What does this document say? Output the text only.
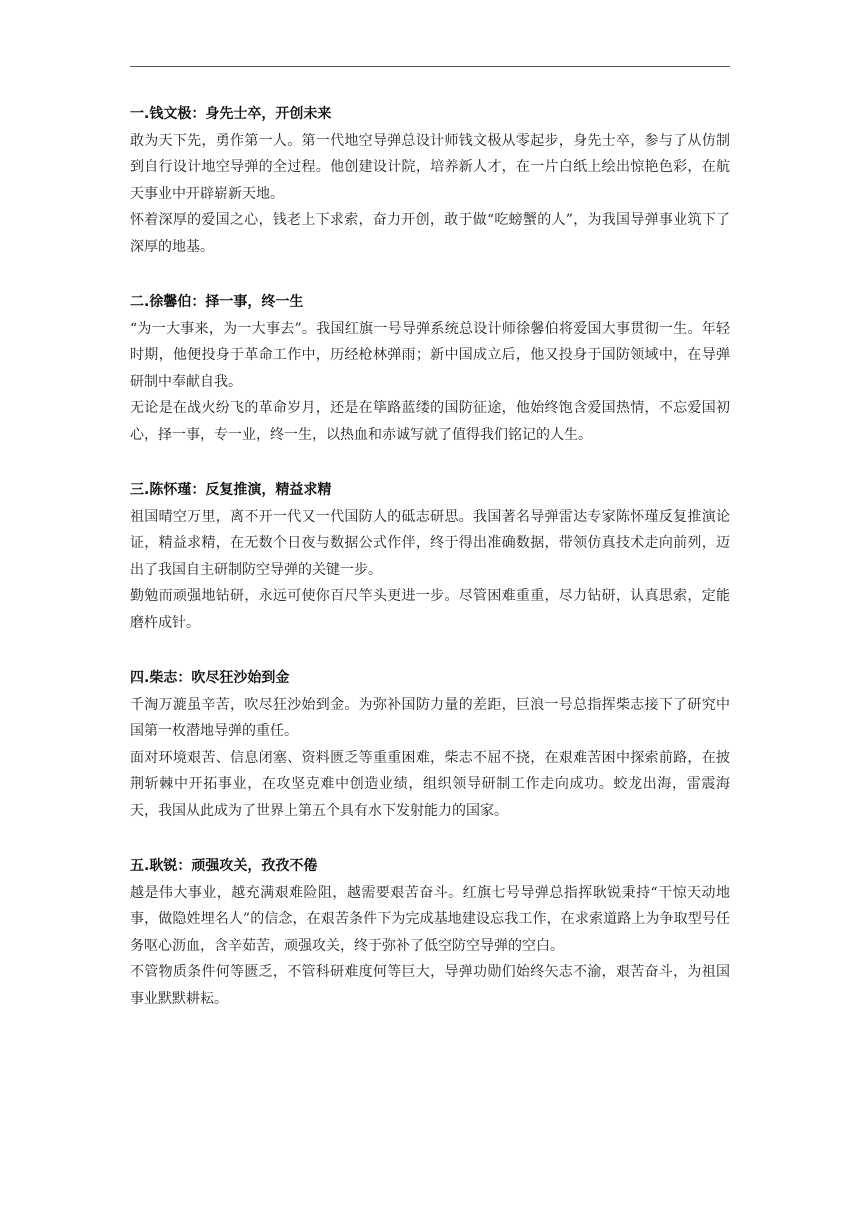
一.钱文极：身先士卒，开创未来

敢为天下先，勇作第一人。第一代地空导弹总设计师钱文极从零起步，身先士卒，参与了从仿制到自行设计地空导弹的全过程。他创建设计院，培养新人才，在一片白纸上绘出惊艳色彩，在航天事业中开辟崭新天地。

怀着深厚的爱国之心，钱老上下求索，奋力开创，敢于做“吃螃蟹的人”，为我国导弹事业筑下了深厚的地基。

二.徐馨伯：择一事，终一生

“为一大事来，为一大事去”。我国红旗一号导弹系统总设计师徐馨伯将爱国大事贯彻一生。年轻时期，他便投身于革命工作中，历经枪林弹雨；新中国成立后，他又投身于国防领域中，在导弹研制中奉献自我。

无论是在战火纷飞的革命岁月，还是在筚路蓝缕的国防征途，他始终饱含爱国热情，不忘爱国初心，择一事，专一业，终一生，以热血和赤诚写就了值得我们铭记的人生。

三.陈怀瑾：反复推演，精益求精

祖国晴空万里，离不开一代又一代国防人的砥志研思。我国著名导弹雷达专家陈怀瑾反复推演论证，精益求精，在无数个日夜与数据公式作伴，终于得出准确数据，带领仿真技术走向前列，迈出了我国自主研制防空导弹的关键一步。

勤勉而顽强地钻研，永远可使你百尺竿头更进一步。尽管困难重重，尽力钻研，认真思索，定能磨杵成针。

四.柴志：吹尽狂沙始到金

千淘万漉虽辛苦，吹尽狂沙始到金。为弥补国防力量的差距，巨浪一号总指挥柴志接下了研究中国第一枚潜地导弹的重任。

面对环境艰苦、信息闭塞、资料匮乏等重重困难，柴志不屈不挠，在艰难苦困中探索前路，在披荆斩棘中开拓事业，在攻坚克难中创造业绩，组织领导研制工作走向成功。蛟龙出海，雷震海天，我国从此成为了世界上第五个具有水下发射能力的国家。

五.耿锐：顽强攻关，孜孜不倦

越是伟大事业，越充满艰难险阻，越需要艰苦奋斗。红旗七号导弹总指挥耿锐秉持“干惊天动地事，做隐姓埋名人”的信念，在艰苦条件下为完成基地建设忘我工作，在求索道路上为争取型号任务呕心沥血，含辛茹苦，顽强攻关，终于弥补了低空防空导弹的空白。

不管物质条件何等匮乏，不管科研难度何等巨大，导弹功勋们始终矢志不渝，艰苦奋斗，为祖国事业默默耕耘。
